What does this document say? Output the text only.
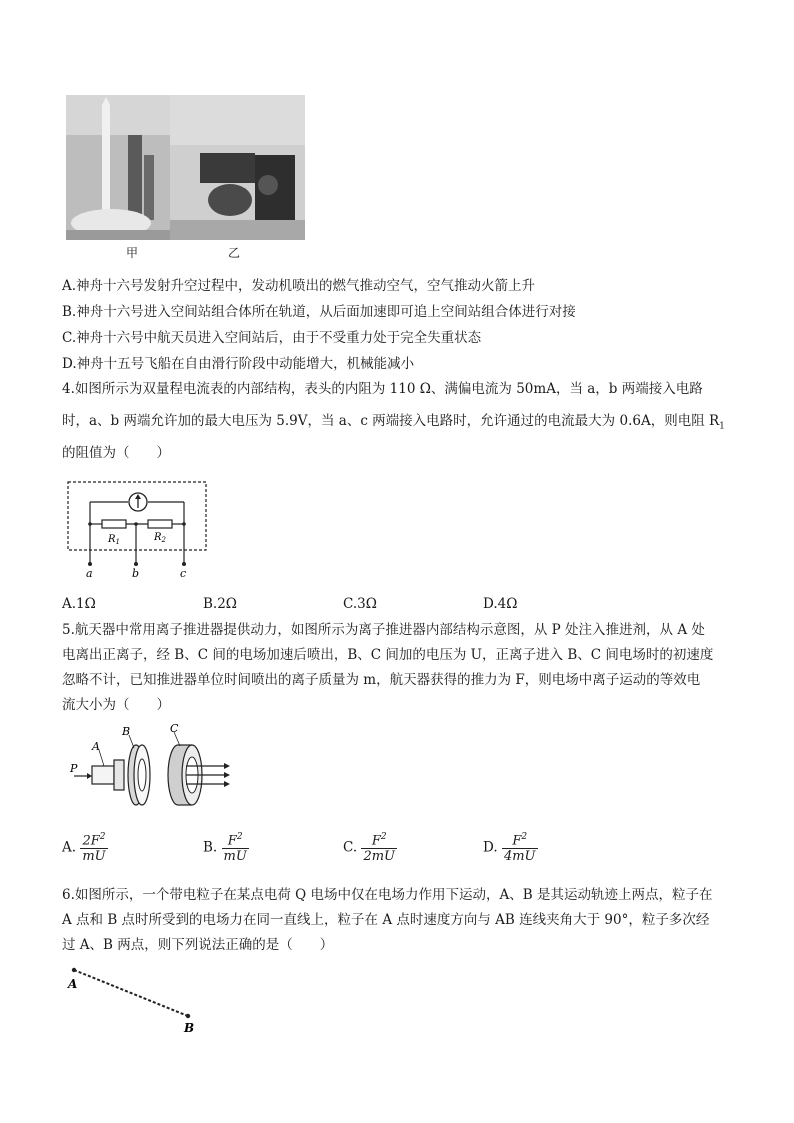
甲	乙
A.神舟十六号发射升空过程中，发动机喷出的燃气推动空气，空气推动火箭上升
B.神舟十六号进入空间站组合体所在轨道，从后面加速即可追上空间站组合体进行对接
C.神舟十六号中航天员进入空间站后，由于不受重力处于完全失重状态
D.神舟十五号飞船在自由滑行阶段中动能增大，机械能减小
4.如图所示为双量程电流表的内部结构，表头的内阻为 110 Ω、满偏电流为 50mA，当 a，b 两端接入电路
时，a、b 两端允许加的最大电压为 5.9V，当 a、c 两端接入电路时，允许通过的电流最大为 0.6A，则电阻 $R_1$
的阻值为（　　）
$R_1$	$R_2$
a	b	c
A.1Ω	B.2Ω	C.3Ω	D.4Ω
5.航天器中常用离子推进器提供动力，如图所示为离子推进器内部结构示意图，从 P 处注入推进剂，从 A 处
电离出正离子，经 B、C 间的电场加速后喷出，B、C 间加的电压为 U，正离子进入 B、C 间电场时的初速度
忽略不计，已知推进器单位时间喷出的离子质量为 m，航天器获得的推力为 F，则电场中离子运动的等效电
流大小为（　　）
P
A
B	C
A. $\frac{2F^2}{mU}$	B. $\frac{F^2}{mU}$	C. $\frac{F^2}{2mU}$	D. $\frac{F^2}{4mU}$
6.如图所示，一个带电粒子在某点电荷 Q 电场中仅在电场力作用下运动，A、B 是其运动轨迹上两点，粒子在
A 点和 B 点时所受到的电场力在同一直线上，粒子在 A 点时速度方向与 AB 连线夹角大于 90°，粒子多次经
过 A、B 两点，则下列说法正确的是（　　）
A
B
